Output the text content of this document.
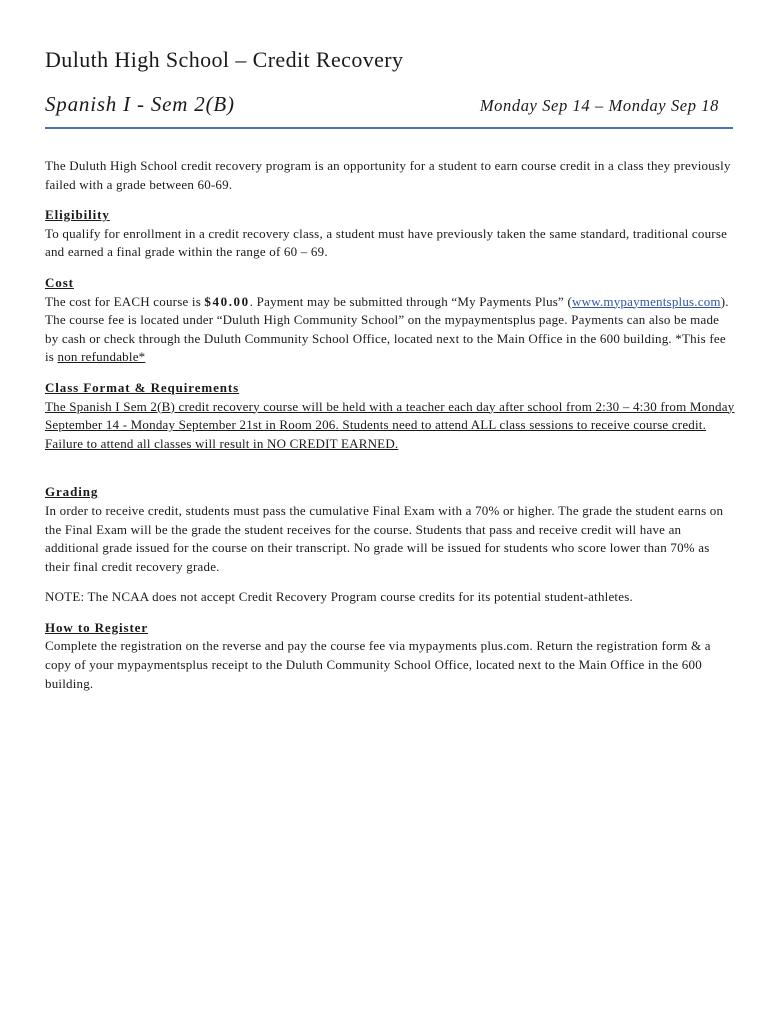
Duluth High School – Credit Recovery
Spanish I - Sem 2(B)	Monday Sep 14 – Monday Sep 18

The Duluth High School credit recovery program is an opportunity for a student to earn course credit in a class they previously failed with a grade between 60-69.

Eligibility

To qualify for enrollment in a credit recovery class, a student must have previously taken the same standard, traditional course and earned a final grade within the range of 60 – 69.

Cost

The cost for EACH course is $40.00. Payment may be submitted through “My Payments Plus” (www.mypaymentsplus.com). The course fee is located under “Duluth High Community School” on the mypaymentsplus page. Payments can also be made by cash or check through the Duluth Community School Office, located next to the Main Office in the 600 building. *This fee is non refundable*

Class Format & Requirements

The Spanish I Sem 2(B) credit recovery course will be held with a teacher each day after school from 2:30 – 4:30 from Monday September 14 - Monday September 21st in Room 206. Students need to attend ALL class sessions to receive course credit. Failure to attend all classes will result in NO CREDIT EARNED.

Grading

In order to receive credit, students must pass the cumulative Final Exam with a 70% or higher. The grade the student earns on the Final Exam will be the grade the student receives for the course. Students that pass and receive credit will have an additional grade issued for the course on their transcript. No grade will be issued for students who score lower than 70% as their final credit recovery grade.

NOTE: The NCAA does not accept Credit Recovery Program course credits for its potential student-athletes.

How to Register

Complete the registration on the reverse and pay the course fee via mypayments plus.com. Return the registration form & a copy of your mypaymentsplus receipt to the Duluth Community School Office, located next to the Main Office in the 600 building.
